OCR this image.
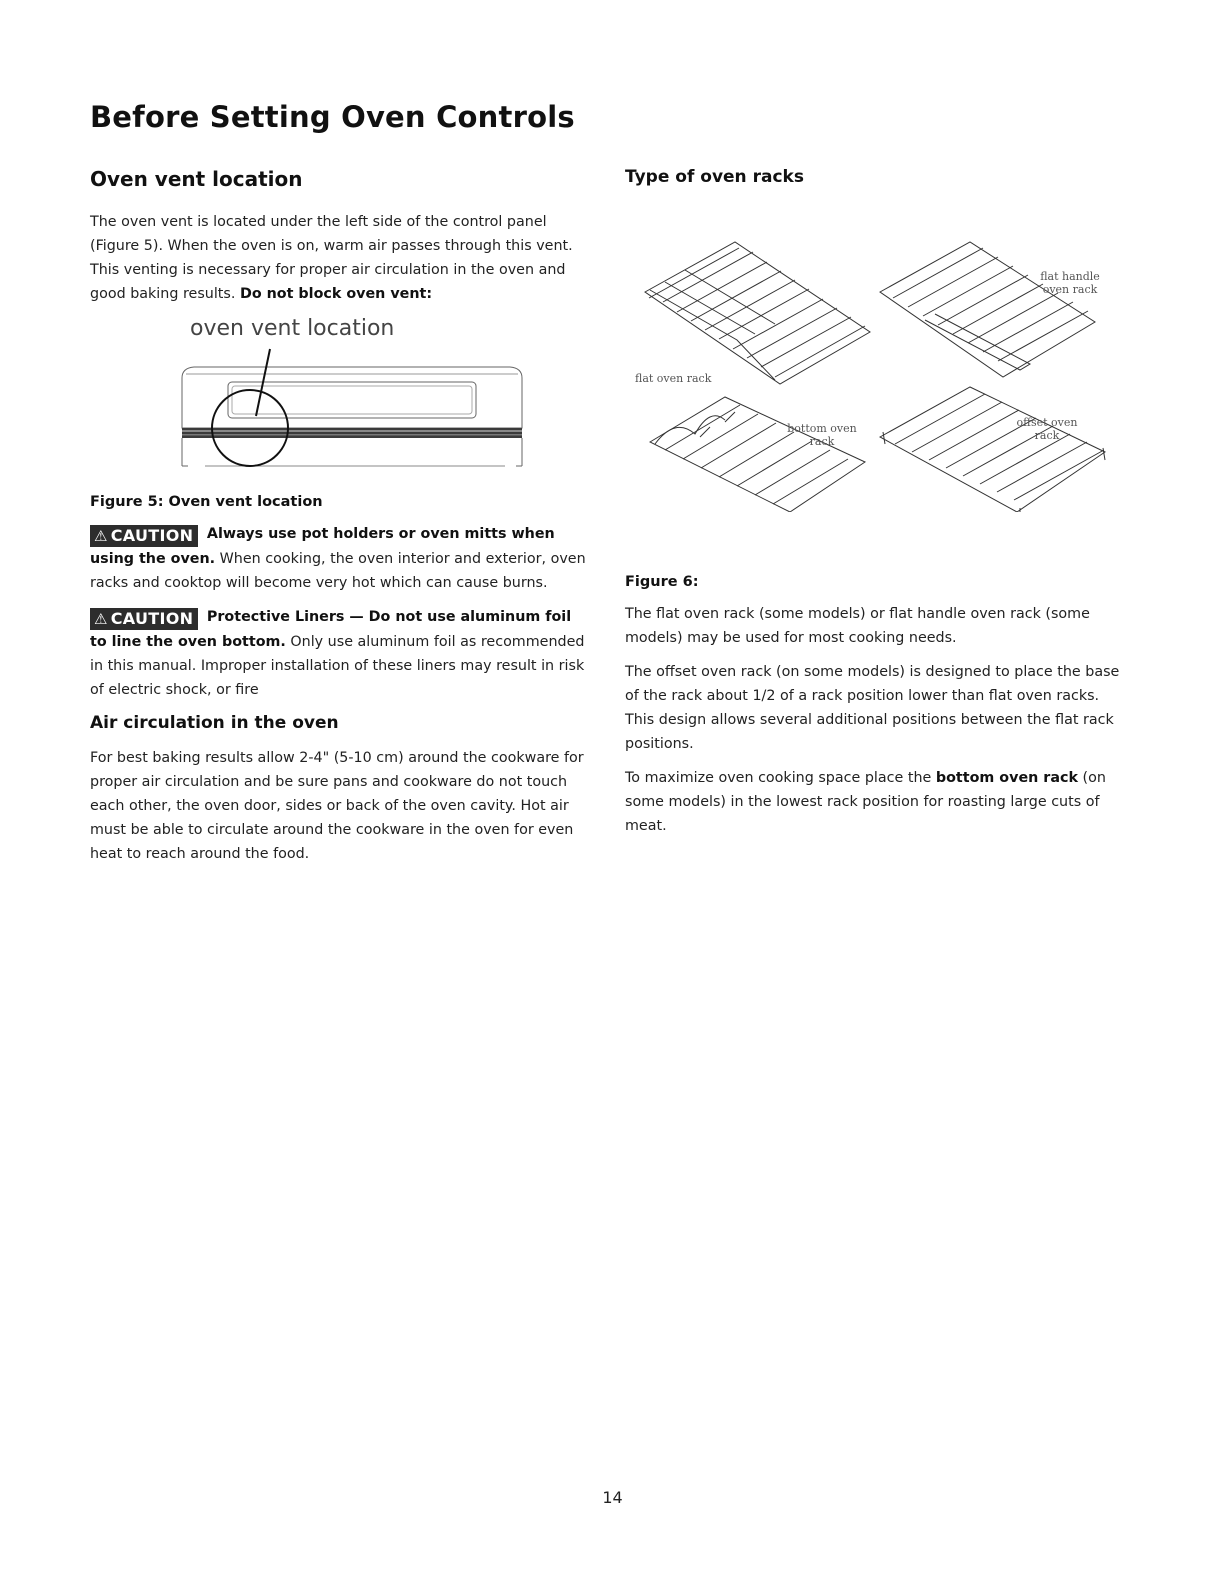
Before Setting Oven Controls
Oven vent location

The oven vent is located under the left side of the control panel (Figure 5). When the oven is on, warm air passes through this vent. This venting is necessary for proper air circulation in the oven and good baking results. Do not block oven vent:

oven vent location
Figure 5: Oven vent location

⚠ CAUTION Always use pot holders or oven mitts when using the oven. When cooking, the oven interior and exterior, oven racks and cooktop will become very hot which can cause burns.

⚠ CAUTION Protective Liners — Do not use aluminum foil to line the oven bottom. Only use aluminum foil as recommended in this manual. Improper installation of these liners may result in risk of electric shock, or fire

Air circulation in the oven

For best baking results allow 2-4" (5-10 cm) around the cookware for proper air circulation and be sure pans and cookware do not touch each other, the oven door, sides or back of the oven cavity. Hot air must be able to circulate around the cookware in the oven for even heat to reach around the food.

Type of oven racks
flat handle oven rack
flat oven rack
bottom oven rack
offset oven rack
Figure 6:

The flat oven rack (some models) or flat handle oven rack (some models) may be used for most cooking needs.

The offset oven rack (on some models) is designed to place the base of the rack about 1/2 of a rack position lower than flat oven racks. This design allows several additional positions between the flat rack positions.

To maximize oven cooking space place the bottom oven rack (on some models) in the lowest rack position for roasting large cuts of meat.

14
